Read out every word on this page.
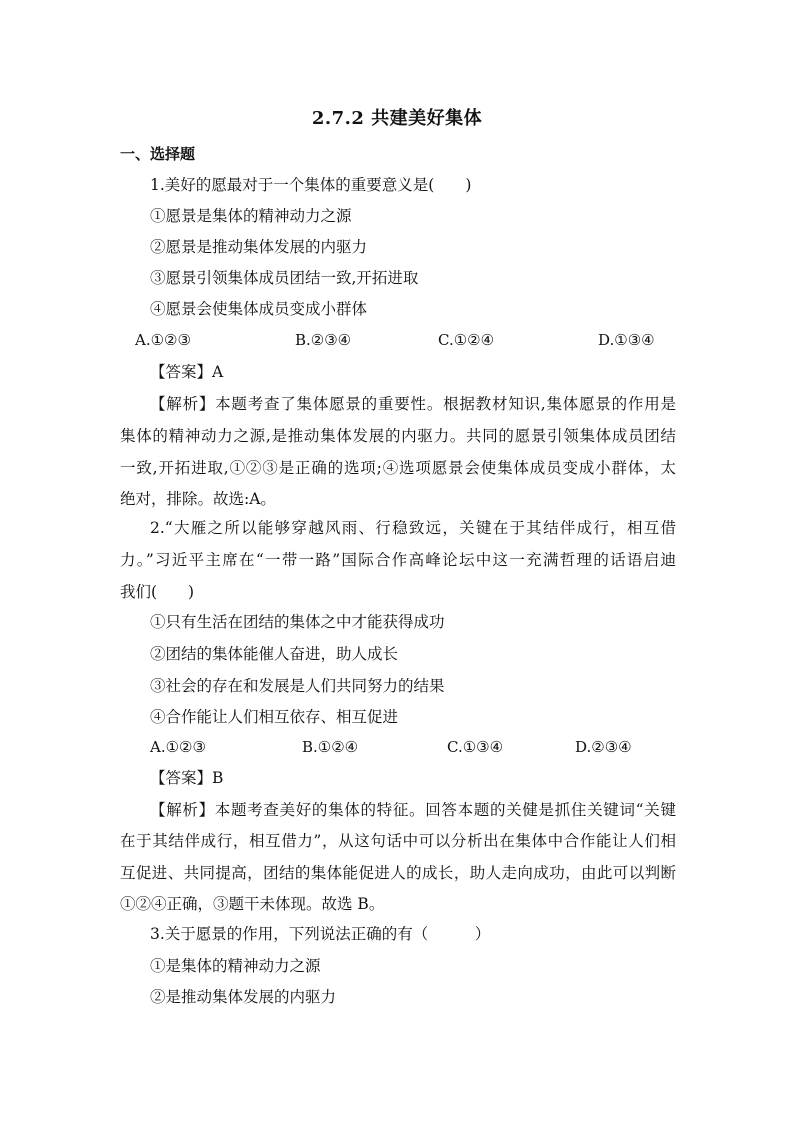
2.7.2 共建美好集体
一、选择题
1.美好的愿最对于一个集体的重要意义是(　　)
①愿景是集体的精神动力之源
②愿景是推动集体发展的内驱力
③愿景引领集体成员团结一致,开拓进取
④愿景会使集体成员变成小群体
A.①②③	B.②③④	C.①②④	D.①③④
【答案】A
【解析】本题考查了集体愿景的重要性。根据教材知识,集体愿景的作用是
集体的精神动力之源,是推动集体发展的内驱力。共同的愿景引领集体成员团结
一致,开拓进取,①②③是正确的选项;④选项愿景会使集体成员变成小群体，太
绝对，排除。故选:A。
2.“大雁之所以能够穿越风雨、行稳致远，关键在于其结伴成行，相互借
力。”习近平主席在“一带一路”国际合作高峰论坛中这一充满哲理的话语启迪
我们(　　)
①只有生活在团结的集体之中才能获得成功
②团结的集体能催人奋进，助人成长
③社会的存在和发展是人们共同努力的结果
④合作能让人们相互依存、相互促进
A.①②③	B.①②④	C.①③④	D.②③④
【答案】B
【解析】本题考查美好的集体的特征。回答本题的关健是抓住关键词“关键
在于其结伴成行，相互借力”，从这句话中可以分析出在集体中合作能让人们相
互促进、共同提高，团结的集体能促进人的成长，助人走向成功，由此可以判断
①②④正确，③题干未体现。故选 B。
3.关于愿景的作用，下列说法正确的有（　　　）
①是集体的精神动力之源
②是推动集体发展的内驱力
